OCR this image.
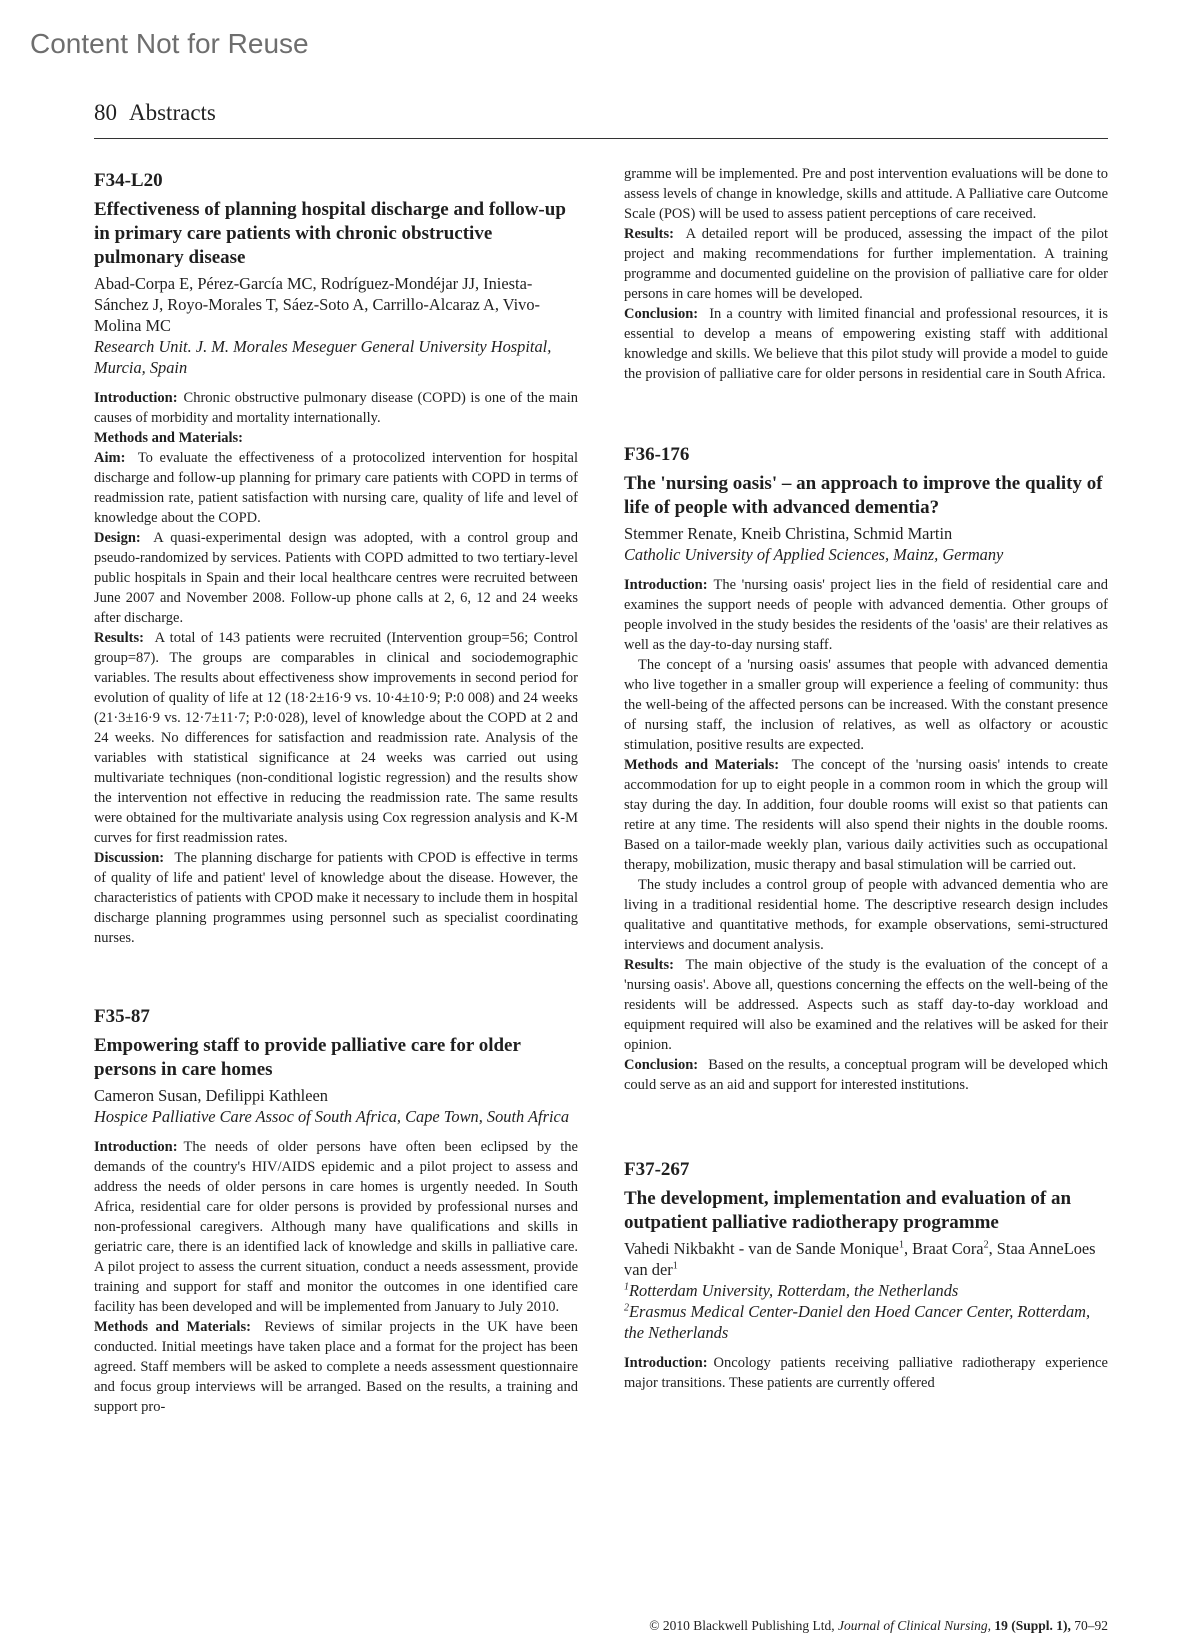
Content Not for Reuse
80 Abstracts
F34-L20
Effectiveness of planning hospital discharge and follow-up in primary care patients with chronic obstructive pulmonary disease
Abad-Corpa E, Pérez-García MC, Rodríguez-Mondéjar JJ, Iniesta-Sánchez J, Royo-Morales T, Sáez-Soto A, Carrillo-Alcaraz A, Vivo-Molina MC
Research Unit. J. M. Morales Meseguer General University Hospital, Murcia, Spain

Introduction: Chronic obstructive pulmonary disease (COPD) is one of the main causes of morbidity and mortality internationally.

Methods and Materials:

Aim: To evaluate the effectiveness of a protocolized intervention for hospital discharge and follow-up planning for primary care patients with COPD in terms of readmission rate, patient satisfaction with nursing care, quality of life and level of knowledge about the COPD.

Design: A quasi-experimental design was adopted, with a control group and pseudo-randomized by services. Patients with COPD admitted to two tertiary-level public hospitals in Spain and their local healthcare centres were recruited between June 2007 and November 2008. Follow-up phone calls at 2, 6, 12 and 24 weeks after discharge.

Results: A total of 143 patients were recruited (Intervention group=56; Control group=87). The groups are comparables in clinical and sociodemographic variables. The results about effectiveness show improvements in second period for evolution of quality of life at 12 (18·2±16·9 vs. 10·4±10·9; P:0 008) and 24 weeks (21·3±16·9 vs. 12·7±11·7; P:0·028), level of knowledge about the COPD at 2 and 24 weeks. No differences for satisfaction and readmission rate. Analysis of the variables with statistical significance at 24 weeks was carried out using multivariate techniques (non-conditional logistic regression) and the results show the intervention not effective in reducing the readmission rate. The same results were obtained for the multivariate analysis using Cox regression analysis and K-M curves for first readmission rates.

Discussion: The planning discharge for patients with CPOD is effective in terms of quality of life and patient' level of knowledge about the disease. However, the characteristics of patients with CPOD make it necessary to include them in hospital discharge planning programmes using personnel such as specialist coordinating nurses.

F35-87
Empowering staff to provide palliative care for older persons in care homes
Cameron Susan, Defilippi Kathleen
Hospice Palliative Care Assoc of South Africa, Cape Town, South Africa

Introduction: The needs of older persons have often been eclipsed by the demands of the country's HIV/AIDS epidemic and a pilot project to assess and address the needs of older persons in care homes is urgently needed. In South Africa, residential care for older persons is provided by professional nurses and non-professional caregivers. Although many have qualifications and skills in geriatric care, there is an identified lack of knowledge and skills in palliative care. A pilot project to assess the current situation, conduct a needs assessment, provide training and support for staff and monitor the outcomes in one identified care facility has been developed and will be implemented from January to July 2010.

Methods and Materials: Reviews of similar projects in the UK have been conducted. Initial meetings have taken place and a format for the project has been agreed. Staff members will be asked to complete a needs assessment questionnaire and focus group interviews will be arranged. Based on the results, a training and support pro-

gramme will be implemented. Pre and post intervention evaluations will be done to assess levels of change in knowledge, skills and attitude. A Palliative care Outcome Scale (POS) will be used to assess patient perceptions of care received.

Results: A detailed report will be produced, assessing the impact of the pilot project and making recommendations for further implementation. A training programme and documented guideline on the provision of palliative care for older persons in care homes will be developed.

Conclusion: In a country with limited financial and professional resources, it is essential to develop a means of empowering existing staff with additional knowledge and skills. We believe that this pilot study will provide a model to guide the provision of palliative care for older persons in residential care in South Africa.

F36-176
The 'nursing oasis' – an approach to improve the quality of life of people with advanced dementia?
Stemmer Renate, Kneib Christina, Schmid Martin
Catholic University of Applied Sciences, Mainz, Germany

Introduction: The 'nursing oasis' project lies in the field of residential care and examines the support needs of people with advanced dementia. Other groups of people involved in the study besides the residents of the 'oasis' are their relatives as well as the day-to-day nursing staff.

The concept of a 'nursing oasis' assumes that people with advanced dementia who live together in a smaller group will experience a feeling of community: thus the well-being of the affected persons can be increased. With the constant presence of nursing staff, the inclusion of relatives, as well as olfactory or acoustic stimulation, positive results are expected.

Methods and Materials: The concept of the 'nursing oasis' intends to create accommodation for up to eight people in a common room in which the group will stay during the day. In addition, four double rooms will exist so that patients can retire at any time. The residents will also spend their nights in the double rooms. Based on a tailor-made weekly plan, various daily activities such as occupational therapy, mobilization, music therapy and basal stimulation will be carried out.

The study includes a control group of people with advanced dementia who are living in a traditional residential home. The descriptive research design includes qualitative and quantitative methods, for example observations, semi-structured interviews and document analysis.

Results: The main objective of the study is the evaluation of the concept of a 'nursing oasis'. Above all, questions concerning the effects on the well-being of the residents will be addressed. Aspects such as staff day-to-day workload and equipment required will also be examined and the relatives will be asked for their opinion.

Conclusion: Based on the results, a conceptual program will be developed which could serve as an aid and support for interested institutions.

F37-267
The development, implementation and evaluation of an outpatient palliative radiotherapy programme
Vahedi Nikbakht - van de Sande Monique$^1$, Braat Cora$^2$, Staa AnneLoes van der$^1$
$^1$Rotterdam University, Rotterdam, the Netherlands
$^2$Erasmus Medical Center-Daniel den Hoed Cancer Center, Rotterdam, the Netherlands

Introduction: Oncology patients receiving palliative radiotherapy experience major transitions. These patients are currently offered

© 2010 Blackwell Publishing Ltd, Journal of Clinical Nursing, 19 (Suppl. 1), 70–92
